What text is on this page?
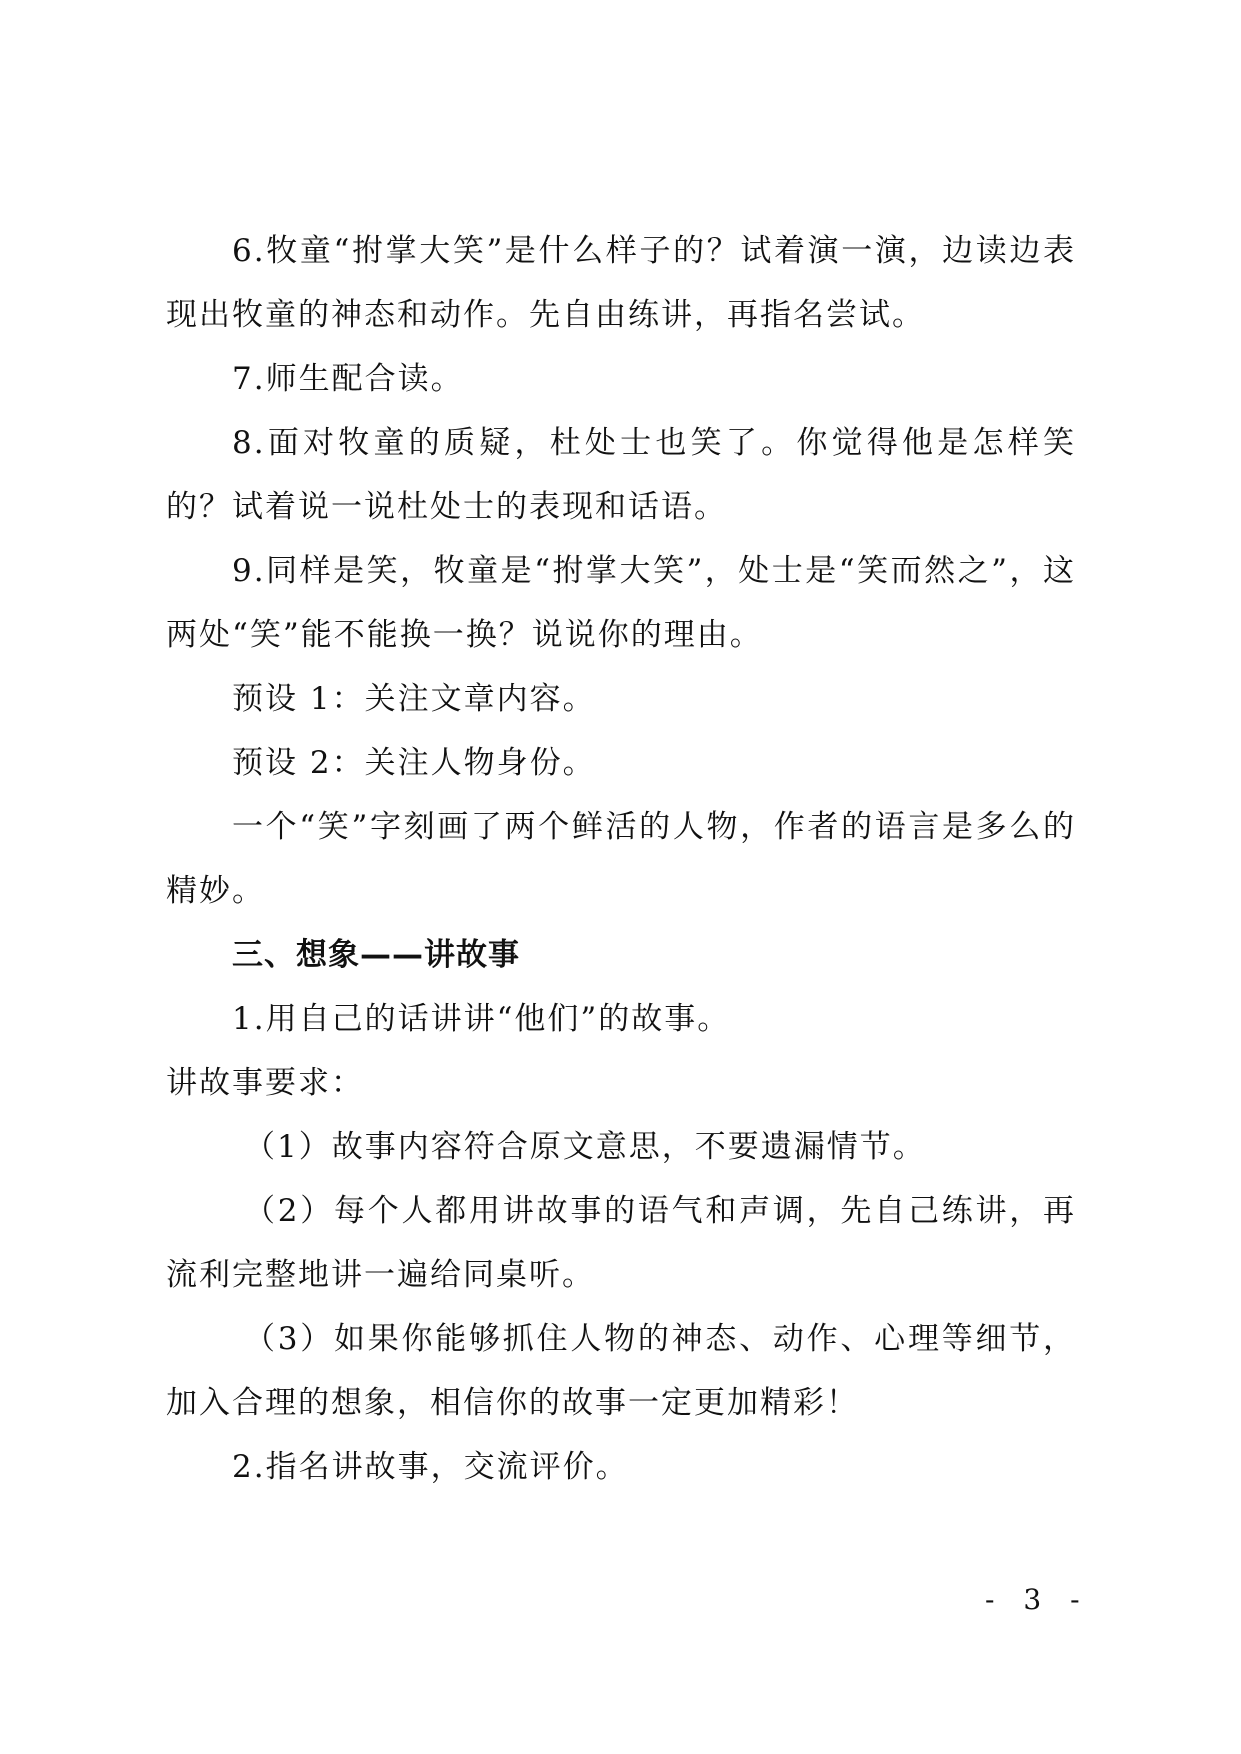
6.牧童“拊掌大笑”是什么样子的？试着演一演，边读边表现出牧童的神态和动作。先自由练讲，再指名尝试。

7.师生配合读。

8.面对牧童的质疑，杜处士也笑了。你觉得他是怎样笑的？试着说一说杜处士的表现和话语。

9.同样是笑，牧童是“拊掌大笑”，处士是“笑而然之”，这两处“笑”能不能换一换？说说你的理由。

预设 1：关注文章内容。

预设 2：关注人物身份。

一个“笑”字刻画了两个鲜活的人物，作者的语言是多么的精妙。

三、想象——讲故事

1.用自己的话讲讲“他们”的故事。

讲故事要求：

（1）故事内容符合原文意思，不要遗漏情节。

（2）每个人都用讲故事的语气和声调，先自己练讲，再流利完整地讲一遍给同桌听。

（3）如果你能够抓住人物的神态、动作、心理等细节，加入合理的想象，相信你的故事一定更加精彩！

2.指名讲故事，交流评价。

- 3 -
